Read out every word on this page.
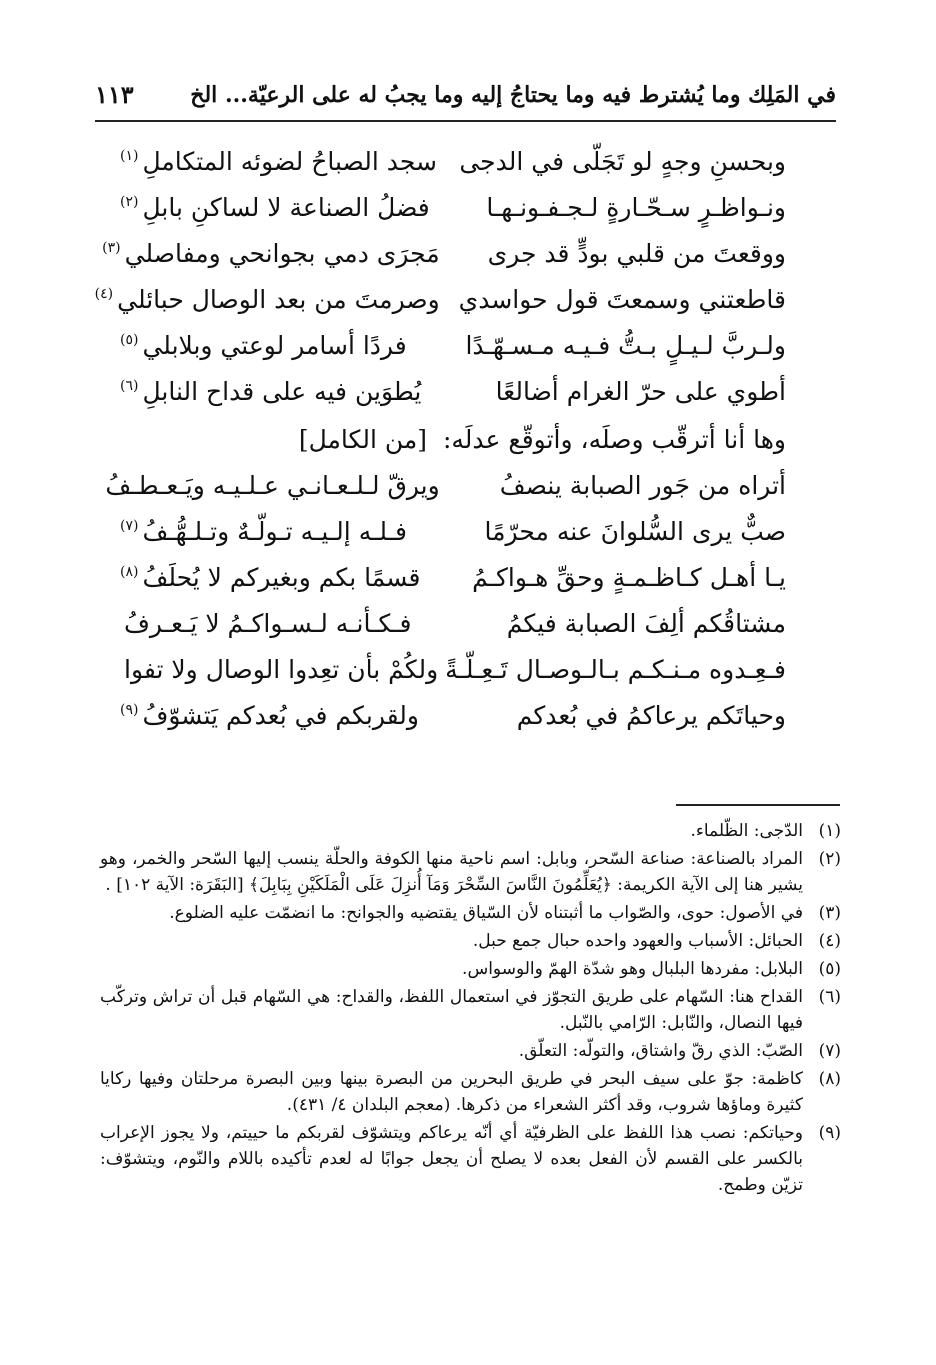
في المَلِك وما يُشترط فيه وما يحتاجُ إليه وما يجبُ له على الرعيّة... الخ
١١٣
وبحسنِ وجهٍ لو تَجَلّى في الدجى
سجد الصباحُ لضوئه المتكاملِ$^{(١)}$
ونـواظـرٍ سـحّـارةٍ لـجـفـونـهـا
فضلُ الصناعة لا لساكنِ بابلِ$^{(٢)}$
ووقعتَ من قلبي بودٍّ قد جرى
مَجرَى دمي بجوانحي ومفاصلي$^{(٣)}$
قاطعتني وسمعتَ قول حواسدي
وصرمتَ من بعد الوصال حبائلي$^{(٤)}$
ولـربَّ لـيـلٍ بـتُّ فـيـه مـسـهّـدًا
فردًا أسامر لوعتي وبلابلي$^{(٥)}$
أطوي على حرّ الغرام أضالعًا
يُطوَين فيه على قداح النابلِ$^{(٦)}$
وها أنا أترقّب وصلَه، وأتوقّع عدلَه: [من الكامل]
أتراه من جَور الصبابة ينصفُ
ويرقّ لـلـعـانـي عـلـيـه ويَـعـطـفُ
صبٌّ يرى السُّلوانَ عنه محرّمًا
فـلـه إلـيـه تـولّـهٌ وتـلـهُّـفُ$^{(٧)}$
يـا أهـل كـاظـمـةٍ وحقِّ هـواكـمُ
قسمًا بكم وبغيركم لا يُحلَفُ$^{(٨)}$
مشتاقُكم ألِفَ الصبابة فيكمُ
فـكـأنـه لـسـواكـمُ لا يَـعـرفُ
فـعِـدوه مـنـكـم بـالـوصـال تَـعِـلّـةً
ولكُمْ بأن تعِدوا الوصال ولا تفوا
وحياتَكم يرعاكمُ في بُعدكم
ولقربكم في بُعدكم يَتشوّفُ$^{(٩)}$
(١)
الدّجى: الظّلماء.
(٢)
المراد بالصناعة: صناعة السّحر، وبابل: اسم ناحية منها الكوفة والحلّة ينسب إليها السّحر والخمر، وهو يشير هنا إلى الآية الكريمة: ﴿يُعَلِّمُونَ النَّاسَ السِّحْرَ وَمَآ أُنزِلَ عَلَى الْمَلَكَيْنِ بِبَابِلَ﴾ [البَقَرَة: الآية ١٠٢] .
(٣)
في الأصول: حوى، والصّواب ما أثبتناه لأن السّياق يقتضيه والجوانح: ما انضمّت عليه الضلوع.
(٤)
الحبائل: الأسباب والعهود واحده حبال جمع حبل.
(٥)
البلابل: مفردها البلبال وهو شدّة الهمّ والوسواس.
(٦)
القداح هنا: السّهام على طريق التجوّز في استعمال اللفظ، والقداح: هي السّهام قبل أن تراش وتركّب فيها النصال، والنّابل: الرّامي بالنّبل.
(٧)
الصّبّ: الذي رقّ واشتاق، والتولّه: التعلّق.
(٨)
كاظمة: جوّ على سيف البحر في طريق البحرين من البصرة بينها وبين البصرة مرحلتان وفيها ركايا كثيرة وماؤها شروب، وقد أكثر الشعراء من ذكرها. (معجم البلدان ٤/ ٤٣١).
(٩)
وحياتكم: نصب هذا اللفظ على الظرفيّة أي أنّه يرعاكم ويتشوّف لقربكم ما حييتم، ولا يجوز الإعراب بالكسر على القسم لأن الفعل بعده لا يصلح أن يجعل جوابًا له لعدم تأكيده باللام والنّوم، ويتشوّف: تزيّن وطمح.
